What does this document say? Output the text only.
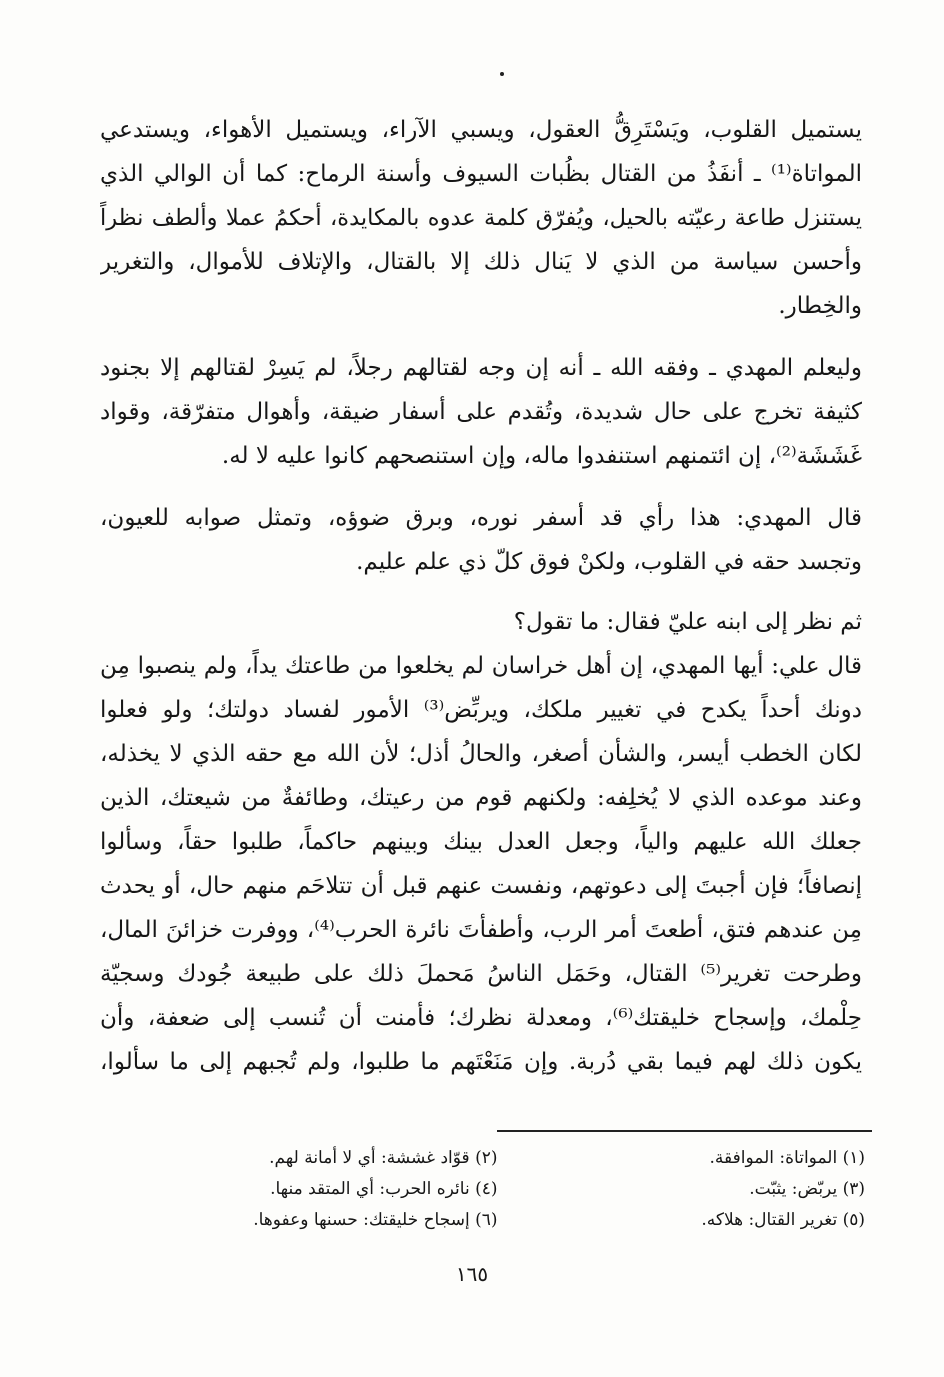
يستميل القلوب، ويَسْتَرِقُّ العقول، ويسبي الآراء، ويستميل الأهواء، ويستدعي
المواتاة⁽¹⁾ ـ أنفَذُ من القتال بظُبات السيوف وأسنة الرماح: كما أن الوالي الذي
يستنزل طاعة رعيّته بالحيل، ويُفرّق كلمة عدوه بالمكايدة، أحكمُ عملا وألطف نظراً
وأحسن سياسة من الذي لا يَنال ذلك إلا بالقتال، والإتلاف للأموال، والتغرير
والخِطار.
وليعلم المهدي ـ وفقه الله ـ أنه إن وجه لقتالهم رجلاً، لم يَسِرْ لقتالهم إلا بجنود
كثيفة تخرج على حال شديدة، وتُقدم على أسفار ضيقة، وأهوال متفرّقة، وقواد
غَشَشَة⁽²⁾، إن ائتمنهم استنفدوا ماله، وإن استنصحهم كانوا عليه لا له.
قال المهدي: هذا رأي قد أسفر نوره، وبرق ضوؤه، وتمثل صوابه للعيون،
وتجسد حقه في القلوب، ولكنْ فوق كلّ ذي علم عليم.
ثم نظر إلى ابنه عليّ فقال: ما تقول؟
قال علي: أيها المهدي، إن أهل خراسان لم يخلعوا من طاعتك يداً، ولم ينصبوا مِن
دونك أحداً يكدح في تغيير ملكك، ويربِّض⁽³⁾ الأمور لفساد دولتك؛ ولو فعلوا
لكان الخطب أيسر، والشأن أصغر، والحالُ أذل؛ لأن الله مع حقه الذي لا يخذله،
وعند موعده الذي لا يُخلِفه: ولكنهم قوم من رعيتك، وطائفةٌ من شيعتك، الذين
جعلك الله عليهم والياً، وجعل العدل بينك وبينهم حاكماً، طلبوا حقاً، وسألوا
إنصافاً؛ فإن أجبتَ إلى دعوتهم، ونفست عنهم قبل أن تتلاحَم منهم حال، أو يحدث
مِن عندهم فتق، أطعتَ أمر الرب، وأطفأتَ نائرة الحرب⁽⁴⁾، ووفرت خزائنَ المال،
وطرحت تغرير⁽⁵⁾ القتال، وحَمَل الناسُ مَحملَ ذلك على طبيعة جُودك وسجيّة
حِلْمك، وإسجاح خليقتك⁽⁶⁾، ومعدلة نظرك؛ فأمنت أن تُنسب إلى ضعفة، وأن
يكون ذلك لهم فيما بقي دُربة. وإن مَنَعْتَهم ما طلبوا، ولم تُجبهم إلى ما سألوا،
(١) المواتاة: الموافقة.
(٢) قوّاد غششة: أي لا أمانة لهم.
(٣) يربّض: يثبّت.
(٤) نائره الحرب: أي المتقد منها.
(٥) تغرير القتال: هلاكه.
(٦) إسجاح خليقتك: حسنها وعفوها.
١٦٥
